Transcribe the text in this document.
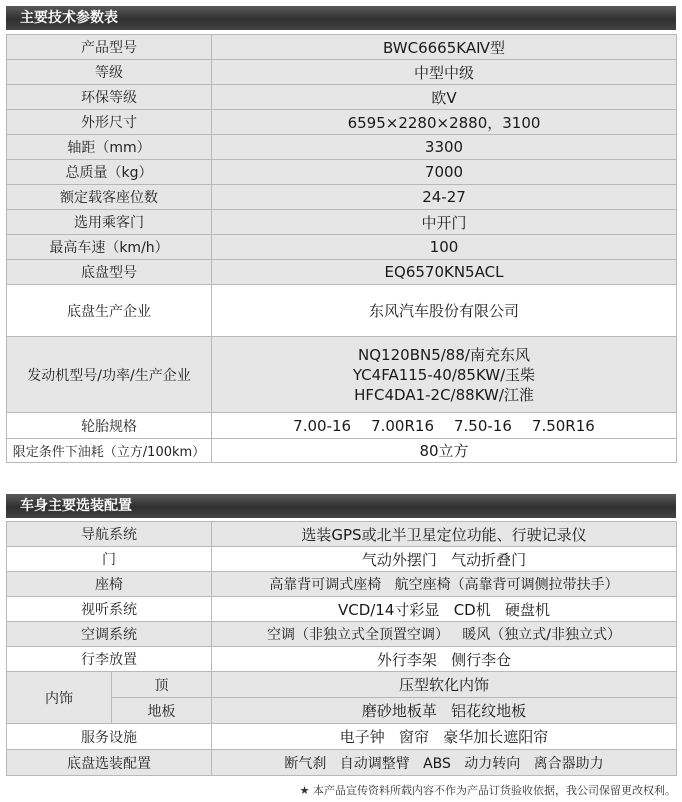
主要技术参数表
产品型号	BWC6665KAⅣ型
等级	中型中级
环保等级	欧Ⅴ
外形尺寸	6595×2280×2880，3100
轴距（mm）	3300
总质量（kg）	7000
额定载客座位数	24-27
选用乘客门	中开门
最高车速（km/h）	100
底盘型号	EQ6570KN5ACL
底盘生产企业	东风汽车股份有限公司
发动机型号/功率/生产企业	NQ120BN5/88/南充东风
YC4FA115-40/85KW/玉柴
HFC4DA1-2C/88KW/江淮

轮胎规格	7.00-16 7.00R16 7.50-16 7.50R16
限定条件下油耗（立方/100km）	80立方
车身主要选装配置
导航系统		选装GPS或北半卫星定位功能、行驶记录仪
门		气动外摆门   气动折叠门
座椅		高靠背可调式座椅   航空座椅（高靠背可调侧拉带扶手）
视听系统		VCD/14寸彩显   CD机   硬盘机
空调系统		空调（非独立式全顶置空调）   暖风（独立式/非独立式）
行李放置		外行李架   侧行李仓
内饰	顶	压型软化内饰
	地板	磨砂地板革   铝花纹地板
服务设施		电子钟   窗帘   豪华加长遮阳帘
底盘选装配置		断气刹   自动调整臂   ABS   动力转向   离合器助力
★ 本产品宣传资料所载内容不作为产品订货验收依据，我公司保留更改权利。
